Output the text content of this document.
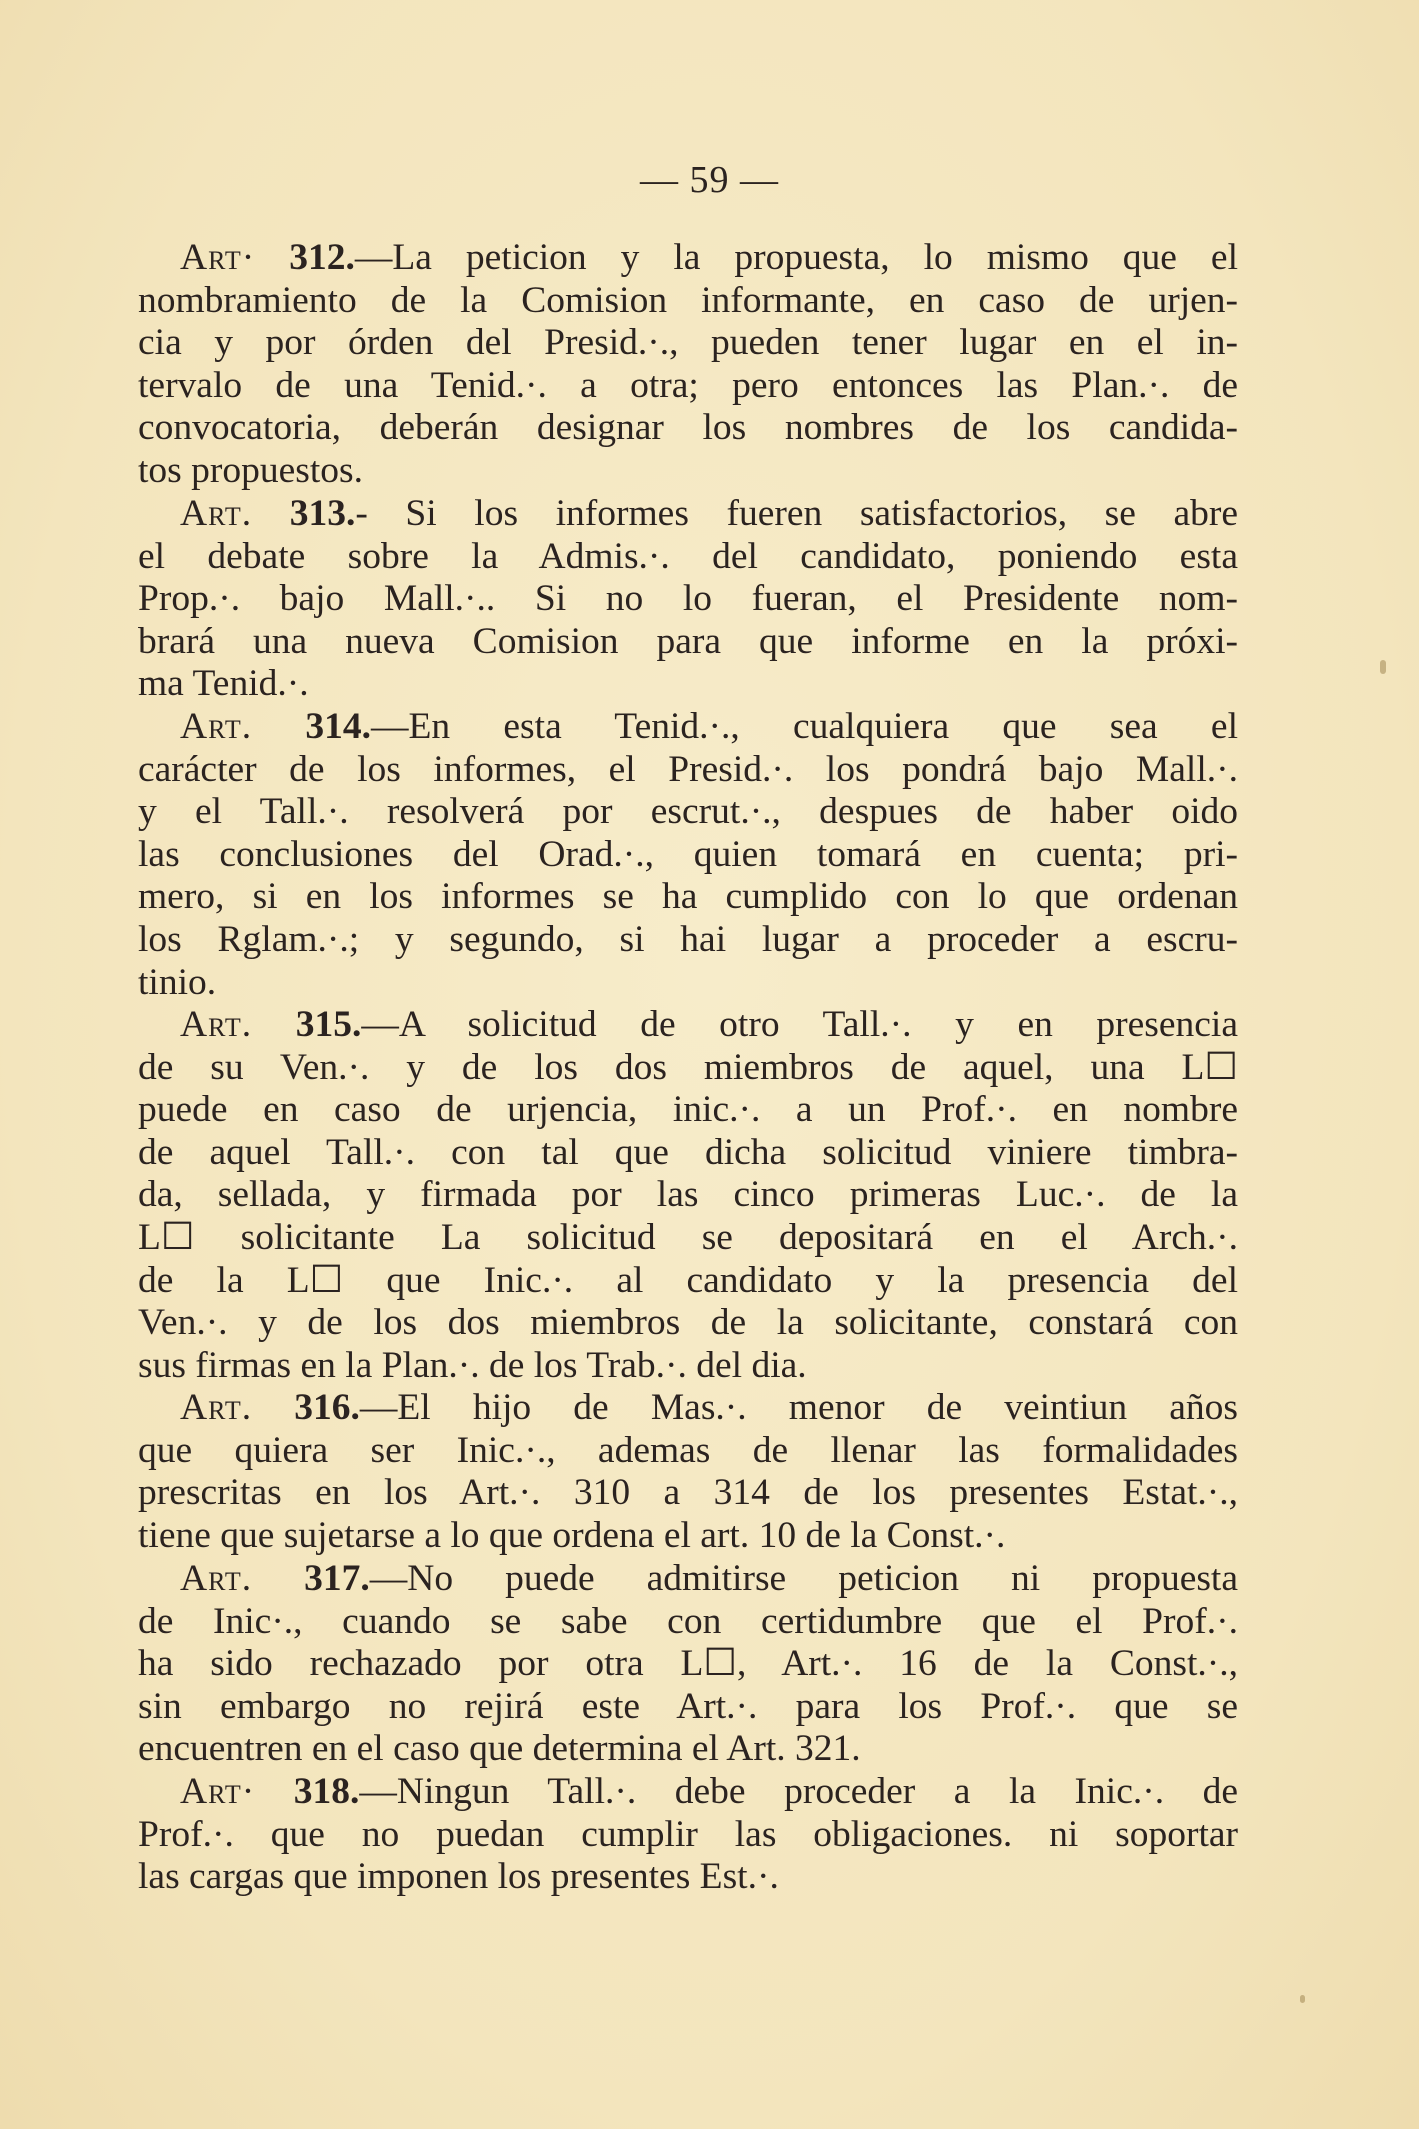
— 59 —

Art· 312.—La peticion y la propuesta, lo mismo que el
nombramiento de la Comision informante, en caso de urjen-
cia y por órden del Presid.·., pueden tener lugar en el in-
tervalo de una Tenid.·. a otra; pero entonces las Plan.·. de
convocatoria, deberán designar los nombres de los candida-
tos propuestos.

Art. 313.- Si los informes fueren satisfactorios, se abre
el debate sobre la Admis.·. del candidato, poniendo esta
Prop.·. bajo Mall.·.. Si no lo fueran, el Presidente nom-
brará una nueva Comision para que informe en la próxi-
ma Tenid.·.

Art. 314.—En esta Tenid.·., cualquiera que sea el
carácter de los informes, el Presid.·. los pondrá bajo Mall.·.
y el Tall.·. resolverá por escrut.·., despues de haber oido
las conclusiones del Orad.·., quien tomará en cuenta; pri-
mero, si en los informes se ha cumplido con lo que ordenan
los Rglam.·.; y segundo, si hai lugar a proceder a escru-
tinio.

Art. 315.—A solicitud de otro Tall.·. y en presencia
de su Ven.·. y de los dos miembros de aquel, una L☐
puede en caso de urjencia, inic.·. a un Prof.·. en nombre
de aquel Tall.·. con tal que dicha solicitud viniere timbra-
da, sellada, y firmada por las cinco primeras Luc.·. de la
L☐ solicitante La solicitud se depositará en el Arch.·.
de la L☐ que Inic.·. al candidato y la presencia del
Ven.·. y de los dos miembros de la solicitante, constará con
sus firmas en la Plan.·. de los Trab.·. del dia.

Art. 316.—El hijo de Mas.·. menor de veintiun años
que quiera ser Inic.·., ademas de llenar las formalidades
prescritas en los Art.·. 310 a 314 de los presentes Estat.·.,
tiene que sujetarse a lo que ordena el art. 10 de la Const.·.

Art. 317.—No puede admitirse peticion ni propuesta
de Inic·., cuando se sabe con certidumbre que el Prof.·.
ha sido rechazado por otra L☐, Art.·. 16 de la Const.·.,
sin embargo no rejirá este Art.·. para los Prof.·. que se
encuentren en el caso que determina el Art. 321.

Art· 318.—Ningun Tall.·. debe proceder a la Inic.·. de
Prof.·. que no puedan cumplir las obligaciones. ni soportar
las cargas que imponen los presentes Est.·.
